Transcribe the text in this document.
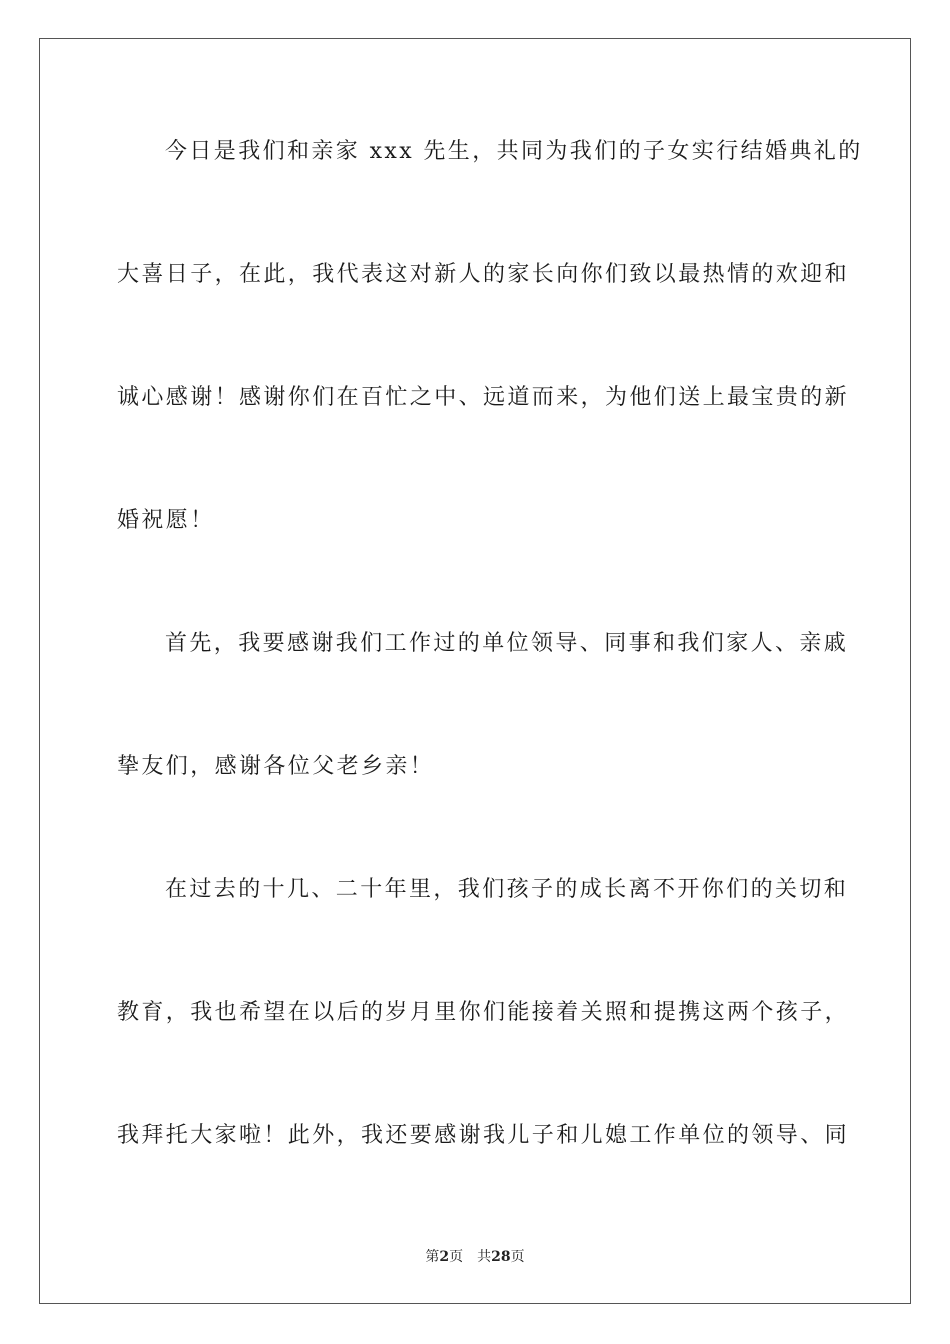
今日是我们和亲家 xxx 先生，共同为我们的子女实行结婚典礼的
大喜日子，在此，我代表这对新人的家长向你们致以最热情的欢迎和
诚心感谢！感谢你们在百忙之中、远道而来，为他们送上最宝贵的新
婚祝愿！
首先，我要感谢我们工作过的单位领导、同事和我们家人、亲戚
挚友们，感谢各位父老乡亲！
在过去的十几、二十年里，我们孩子的成长离不开你们的关切和
教育，我也希望在以后的岁月里你们能接着关照和提携这两个孩子，
我拜托大家啦！此外，我还要感谢我儿子和儿媳工作单位的领导、同
第2页 共28页
